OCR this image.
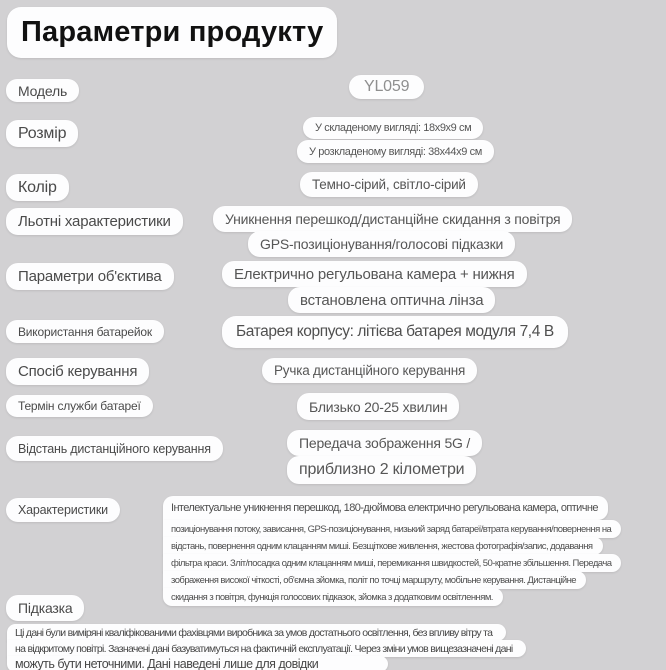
Параметри продукту
Модель	YL059
Розмір	У складеному вигляді: 18x9x9 см
У розкладеному вигляді: 38x44x9 см
Колір	Темно-сірий, світло-сірий
Льотні характеристики	Уникнення перешкод/дистанційне скидання з повітря
GPS-позиціонування/голосові підказки
Параметри об'єктива	Електрично регульована камера + нижня
встановлена оптична лінза
Використання батарейок	Батарея корпусу: літієва батарея модуля 7,4 В
Спосіб керування	Ручка дистанційного керування
Термін служби батареї	Близько 20-25 хвилин
Відстань дистанційного керування	Передача зображення 5G /
приблизно 2 кілометри
Характеристики	Інтелектуальне уникнення перешкод, 180-дюймова електрично регульована камера, оптичне
позиціонування потоку, зависання, GPS-позиціонування, низький заряд батареї/втрата керування/повернення на
відстань, повернення одним клацанням миші. Безщіткове живлення, жестова фотографія/запис, додавання
фільтра краси. Зліт/посадка одним клацанням миші, перемикання швидкостей, 50-кратне збільшення. Передача
зображення високої чіткості, об'ємна зйомка, політ по точці маршруту, мобільне керування. Дистанційне
скидання з повітря, функція голосових підказок, зйомка з додатковим освітленням.
Підказка
Ці дані були виміряні кваліфікованими фахівцями виробника за умов достатнього освітлення, без впливу вітру та
на відкритому повітрі. Зазначені дані базуватимуться на фактичній експлуатації. Через зміни умов вищезазначені дані
можуть бути неточними. Дані наведені лише для довідки
